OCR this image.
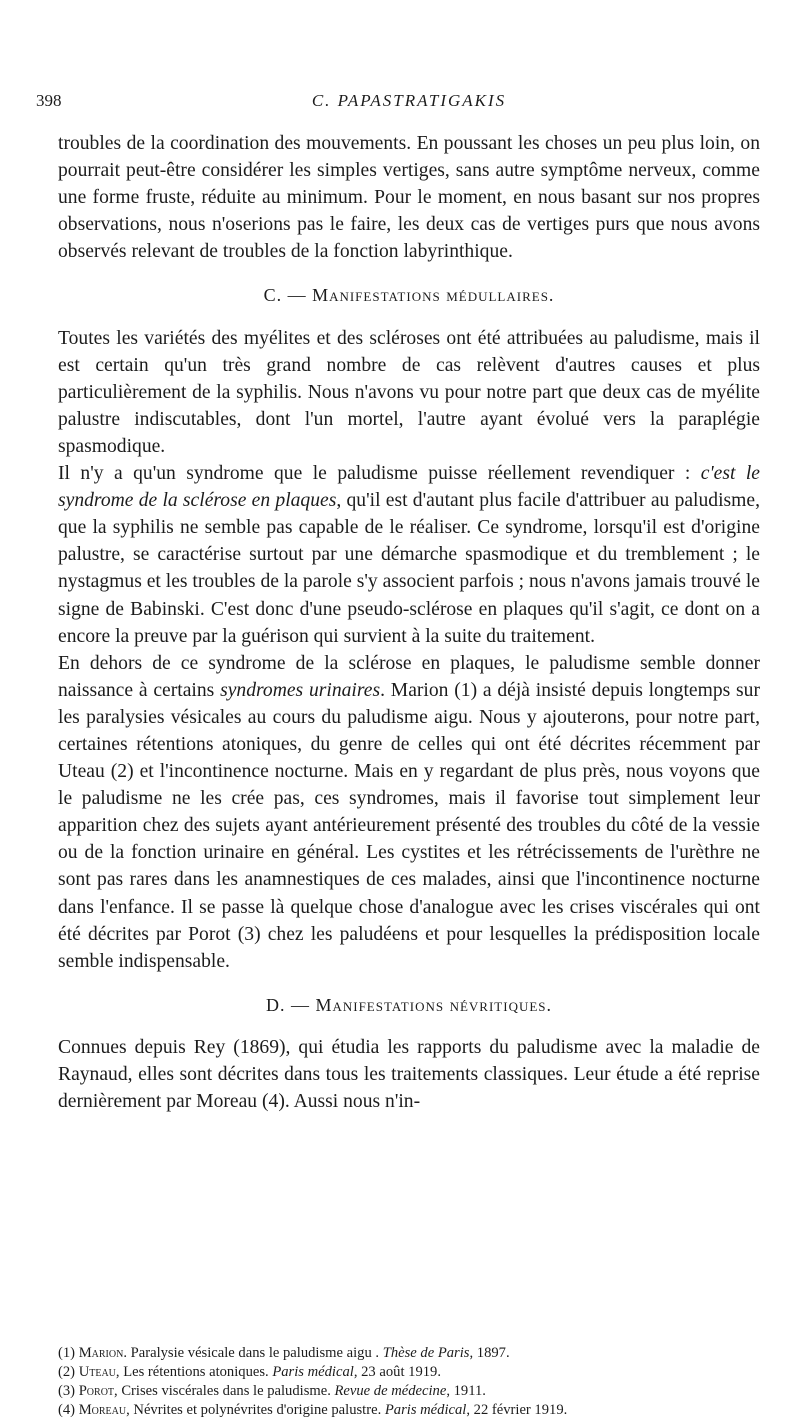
398	C. PAPASTRATIGAKIS

troubles de la coordination des mouvements. En poussant les choses un peu plus loin, on pourrait peut-être considérer les simples vertiges, sans autre symptôme nerveux, comme une forme fruste, réduite au minimum. Pour le moment, en nous basant sur nos propres observations, nous n'oserions pas le faire, les deux cas de vertiges purs que nous avons observés relevant de troubles de la fonction labyrinthique.

C. — Manifestations médullaires.

Toutes les variétés des myélites et des scléroses ont été attribuées au paludisme, mais il est certain qu'un très grand nombre de cas relèvent d'autres causes et plus particulièrement de la syphilis. Nous n'avons vu pour notre part que deux cas de myélite palustre indiscutables, dont l'un mortel, l'autre ayant évolué vers la paraplégie spasmodique.

Il n'y a qu'un syndrome que le paludisme puisse réellement revendiquer : c'est le syndrome de la sclérose en plaques, qu'il est d'autant plus facile d'attribuer au paludisme, que la syphilis ne semble pas capable de le réaliser. Ce syndrome, lorsqu'il est d'origine palustre, se caractérise surtout par une démarche spasmodique et du tremblement ; le nystagmus et les troubles de la parole s'y associent parfois ; nous n'avons jamais trouvé le signe de Babinski. C'est donc d'une pseudo-sclérose en plaques qu'il s'agit, ce dont on a encore la preuve par la guérison qui survient à la suite du traitement.

En dehors de ce syndrome de la sclérose en plaques, le paludisme semble donner naissance à certains syndromes urinaires. Marion (1) a déjà insisté depuis longtemps sur les paralysies vésicales au cours du paludisme aigu. Nous y ajouterons, pour notre part, certaines rétentions atoniques, du genre de celles qui ont été décrites récemment par Uteau (2) et l'incontinence nocturne. Mais en y regardant de plus près, nous voyons que le paludisme ne les crée pas, ces syndromes, mais il favorise tout simplement leur apparition chez des sujets ayant antérieurement présenté des troubles du côté de la vessie ou de la fonction urinaire en général. Les cystites et les rétrécissements de l'urèthre ne sont pas rares dans les anamnestiques de ces malades, ainsi que l'incontinence nocturne dans l'enfance. Il se passe là quelque chose d'analogue avec les crises viscérales qui ont été décrites par Porot (3) chez les paludéens et pour lesquelles la prédisposition locale semble indispensable.

D. — Manifestations névritiques.

Connues depuis Rey (1869), qui étudia les rapports du paludisme avec la maladie de Raynaud, elles sont décrites dans tous les traitements classiques. Leur étude a été reprise dernièrement par Moreau (4). Aussi nous n'in-

(1) Marion. Paralysie vésicale dans le paludisme aigu . Thèse de Paris, 1897.
(2) Uteau, Les rétentions atoniques. Paris médical, 23 août 1919.
(3) Porot, Crises viscérales dans le paludisme. Revue de médecine, 1911.
(4) Moreau, Névrites et polynévrites d'origine palustre. Paris médical, 22 février 1919.
